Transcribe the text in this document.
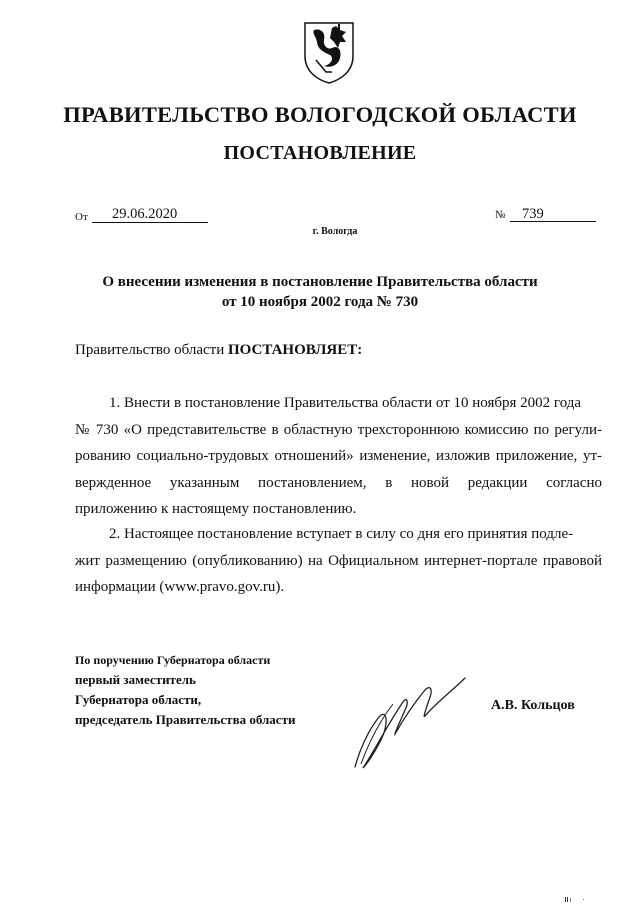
ПРАВИТЕЛЬСТВО ВОЛОГОДСКОЙ ОБЛАСТИ
ПОСТАНОВЛЕНИЕ
От 29.06.2020	№ 739
г. Вологда
О внесении изменения в постановление Правительства области
от 10 ноября 2002 года № 730
Правительство области ПОСТАНОВЛЯЕТ:
1. Внести в постановление Правительства области от 10 ноября 2002 года
№ 730 «О представительстве в областную трехстороннюю комиссию по регули-
рованию социально-трудовых отношений» изменение, изложив приложение, ут-
вержденное указанным постановлением, в новой редакции согласно
приложению к настоящему постановлению.
2. Настоящее постановление вступает в силу со дня его принятия подле-
жит размещению (опубликованию) на Официальном интернет-портале правовой
информации (www.pravo.gov.ru).
По поручению Губернатора области
первый заместитель
Губернатора области,
председатель Правительства области
А.В. Кольцов
